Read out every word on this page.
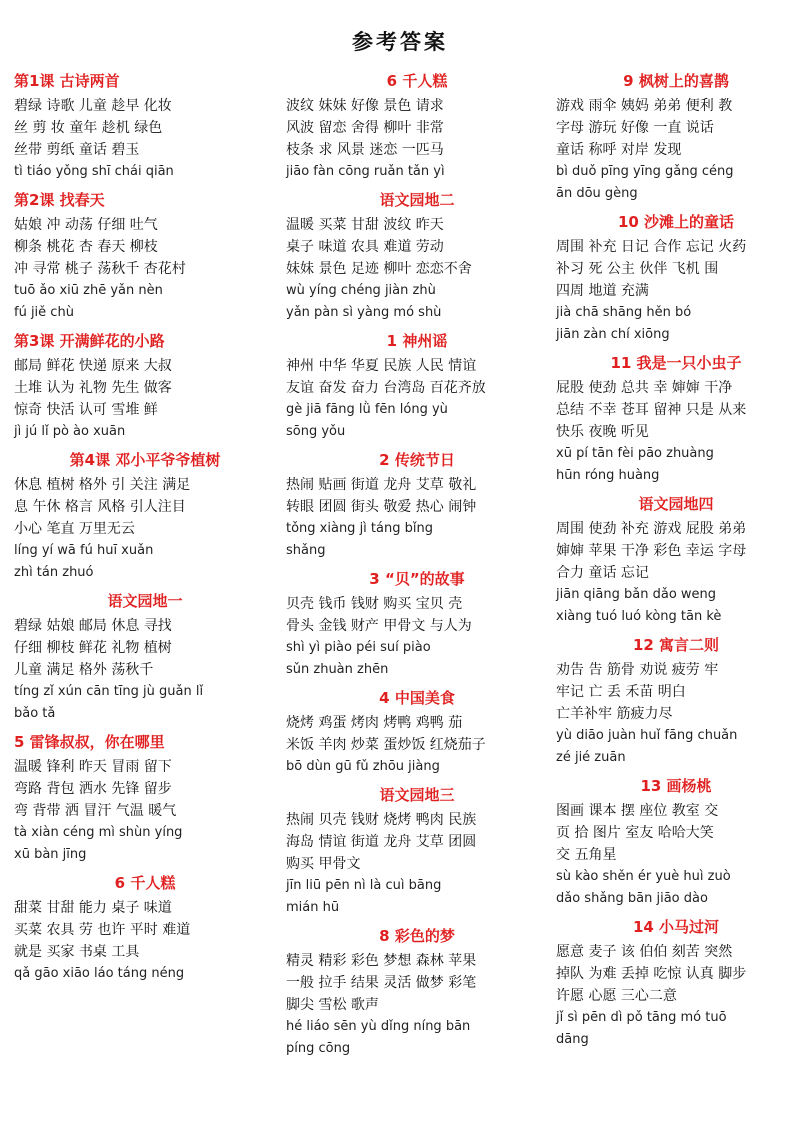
参考答案
第1课 古诗两首
碧绿 诗歌 儿童 趁早 化妆
丝 剪 妆 童年 趁机 绿色
丝带 剪纸 童话 碧玉
tì tiáo yǒng shī chái qiān
第2课 找春天
姑娘 冲 动荡 仔细 吐气
柳条 桃花 杏 春天 柳枝
冲 寻常 桃子 荡秋千 杏花村
tuō ǎo xiū zhē yǎn nèn
fú jiě chù
第3课 开满鲜花的小路
邮局 鲜花 快递 原来 大叔
土堆 认为 礼物 先生 做客
惊奇 快活 认可 雪堆 鲜
jì jú lǐ pò ào xuān
第4课 邓小平爷爷植树
休息 植树 格外 引 关注 满足
息 午休 格言 风格 引人注目
小心 笔直 万里无云
líng yí wā fú huī xuǎn
zhì tán zhuó
语文园地一
碧绿 姑娘 邮局 休息 寻找
仔细 柳枝 鲜花 礼物 植树
儿童 满足 格外 荡秋千
tíng zǐ xún cān tīng jù guǎn lǐ
bǎo tǎ
5 雷锋叔叔，你在哪里
温暖 锋利 昨天 冒雨 留下
弯路 背包 洒水 先锋 留步
弯 背带 洒 冒汗 气温 暖气
tà xiàn céng mì shùn yíng
xū bàn jīng
6 千人糕
甜菜 甘甜 能力 桌子 味道
买菜 农具 劳 也许 平时 难道
就是 买家 书桌 工具
qǎ gāo xiāo láo táng néng
6 千人糕
波纹 妹妹 好像 景色 请求
风波 留恋 舍得 柳叶 非常
枝条 求 风景 迷恋 一匹马
jiāo fàn cōng ruǎn tǎn yì
语文园地二
温暖 买菜 甘甜 波纹 昨天
桌子 味道 农具 难道 劳动
妹妹 景色 足迹 柳叶 恋恋不舍
wù yíng chéng jiàn zhù
yǎn pàn sì yàng mó shù
1 神州谣
神州 中华 华夏 民族 人民 情谊
友谊 奋发 奋力 台湾岛 百花齐放
gè jiā fāng lǜ fēn lóng yù
sōng yǒu
2 传统节日
热闹 贴画 街道 龙舟 艾草 敬礼
转眼 团圆 街头 敬爱 热心 闹钟
tǒng xiàng jì táng bǐng
shǎng
3 “贝”的故事
贝壳 钱币 钱财 购买 宝贝 壳
骨头 金钱 财产 甲骨文 与人为
shì yì piào péi suí piào
sǔn zhuàn zhēn
4 中国美食
烧烤 鸡蛋 烤肉 烤鸭 鸡鸭 茄
米饭 羊肉 炒菜 蛋炒饭 红烧茄子
bō dùn gū fǔ zhōu jiàng
语文园地三
热闹 贝壳 钱财 烧烤 鸭肉 民族
海岛 情谊 街道 龙舟 艾草 团圆
购买 甲骨文
jīn liū pēn nì là cuì bāng
mián hū
8 彩色的梦
精灵 精彩 彩色 梦想 森林 苹果
一般 拉手 结果 灵活 做梦 彩笔
脚尖 雪松 歌声
hé liáo sēn yù dǐng níng bān
píng cōng
9 枫树上的喜鹊
游戏 雨伞 姨妈 弟弟 便利 教
字母 游玩 好像 一直 说话
童话 称呼 对岸 发现
bì duǒ pīng yīng gǎng céng
ān dōu gèng
10 沙滩上的童话
周围 补充 日记 合作 忘记 火药
补习 死 公主 伙伴 飞机 围
四周 地道 充满
jià chā shāng hěn bó
jiān zàn chí xiōng
11 我是一只小虫子
屁股 使劲 总共 幸 婶婶 干净
总结 不幸 苍耳 留神 只是 从来
快乐 夜晚 听见
xū pí tān fèi pāo zhuàng
hūn róng huàng
语文园地四
周围 使劲 补充 游戏 屁股 弟弟
婶婶 苹果 干净 彩色 幸运 字母
合力 童话 忘记
jiān qiāng bǎn dǎo weng
xiàng tuó luó kòng tān kè
12 寓言二则
劝告 告 筋骨 劝说 疲劳 牢
牢记 亡 丢 禾苗 明白
亡羊补牢 筋疲力尽
yù diāo juàn huǐ fāng chuǎn
zé jié zuān
13 画杨桃
图画 课本 摆 座位 教室 交
页 拾 图片 室友 哈哈大笑
交 五角星
sù kào shěn ér yuè huì zuò
dǎo shǎng bān jiāo dào
14 小马过河
愿意 麦子 该 伯伯 刻苦 突然
掉队 为难 丢掉 吃惊 认真 脚步
许愿 心愿 三心二意
jǐ sì pēn dì pǒ tāng mó tuō
dāng
